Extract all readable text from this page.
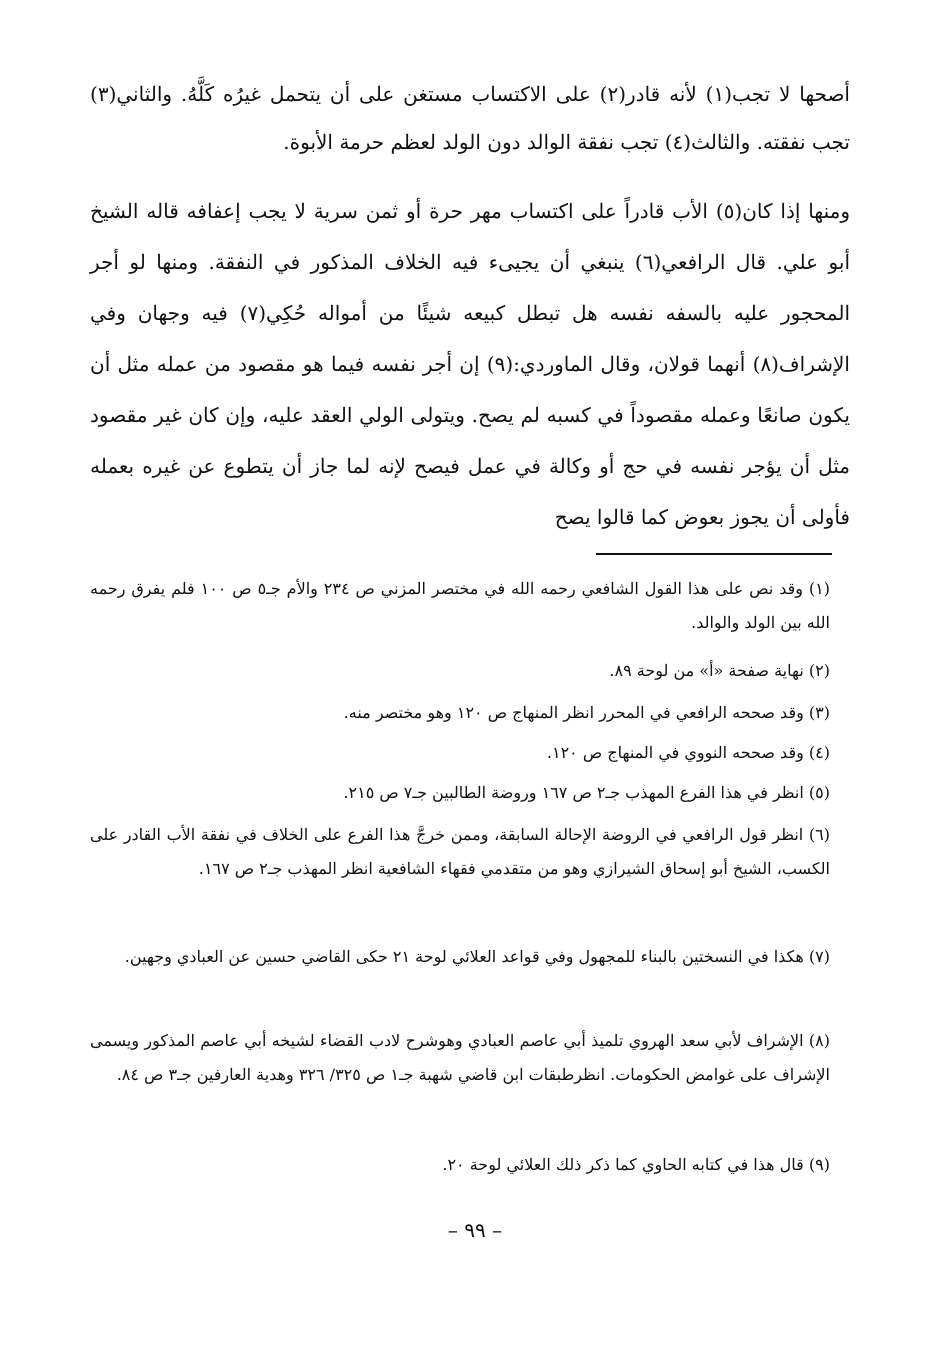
أصحها لا تجب(١) لأنه قادر(٢) على الاكتساب مستغن على أن يتحمل غيرُه كَلَّهُ. والثاني(٣) تجب نفقته. والثالث(٤) تجب نفقة الوالد دون الولد لعظم حرمة الأبوة.

ومنها إذا كان(٥) الأب قادراً على اكتساب مهر حرة أو ثمن سرية لا يجب إعفافه قاله الشيخ أبو علي. قال الرافعي(٦) ينبغي أن يجيىء فيه الخلاف المذكور في النفقة. ومنها لو أجر المحجور عليه بالسفه نفسه هل تبطل كبيعه شيئًا من أمواله حُكِي(٧) فيه وجهان وفي الإشراف(٨) أنهما قولان، وقال الماوردي:(٩) إن أجر نفسه فيما هو مقصود من عمله مثل أن يكون صانعًا وعمله مقصوداً في كسبه لم يصح. ويتولى الولي العقد عليه، وإن كان غير مقصود مثل أن يؤجر نفسه في حج أو وكالة في عمل فيصح لإنه لما جاز أن يتطوع عن غيره بعمله فأولى أن يجوز بعوض كما قالوا يصح

(١) وقد نص على هذا القول الشافعي رحمه الله في مختصر المزني ص ٢٣٤ والأم جـ٥ ص ١٠٠ فلم يفرق رحمه الله بين الولد والوالد.

(٢) نهاية صفحة «أ» من لوحة ٨٩.

(٣) وقد صححه الرافعي في المحرر انظر المنهاج ص ١٢٠ وهو مختصر منه.

(٤) وقد صححه النووي في المنهاج ص ١٢٠.

(٥) انظر في هذا الفرع المهذب جـ٢ ص ١٦٧ وروضة الطالبين جـ٧ ص ٢١٥.

(٦) انظر قول الرافعي في الروضة الإحالة السابقة، وممن خرجَّ هذا الفرع على الخلاف في نفقة الأب القادر على الكسب، الشيخ أبو إسحاق الشيرازي وهو من متقدمي فقهاء الشافعية انظر المهذب جـ٢ ص ١٦٧.

(٧) هكذا في النسختين بالبناء للمجهول وفي قواعد العلائي لوحة ٢١ حكى القاضي حسين عن العبادي وجهين.

(٨) الإشراف لأبي سعد الهروي تلميذ أبي عاصم العبادي وهوشرح لادب القضاء لشيخه أبي عاصم المذكور ويسمى الإشراف على غوامض الحكومات. انظرطبقات ابن قاضي شهبة جـ١ ص ٣٢٥/ ٣٢٦ وهدية العارفين جـ٣ ص ٨٤.

(٩) قال هذا في كتابه الحاوي كما ذكر ذلك العلائي لوحة ٢٠.

– ٩٩ –
